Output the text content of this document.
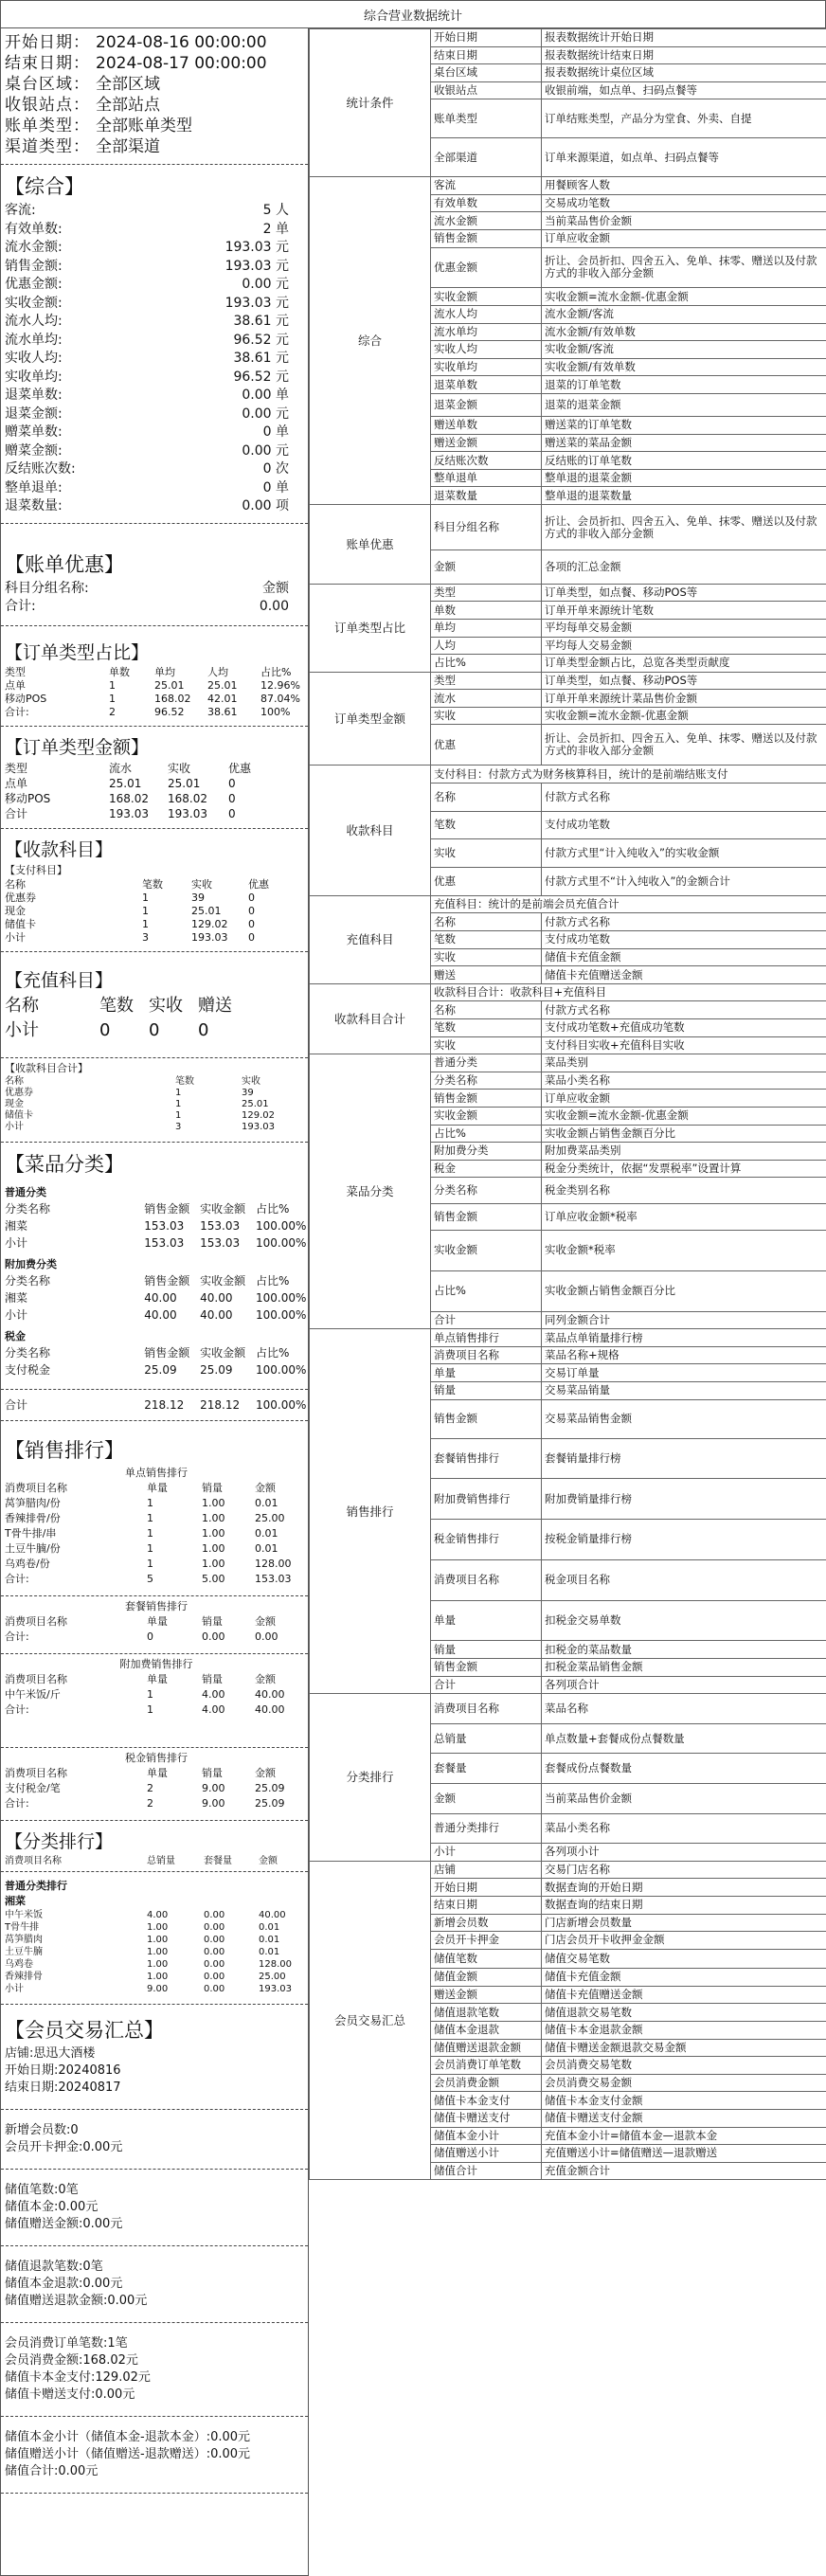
综合营业数据统计
开始日期： 2024-08-16 00:00:00
结束日期： 2024-08-17 00:00:00
桌台区域： 全部区域
收银站点： 全部站点
账单类型： 全部账单类型
渠道类型： 全部渠道
【综合】
客流:	5 人
有效单数:	2 单
流水金额:	193.03 元
销售金额:	193.03 元
优惠金额:	0.00 元
实收金额:	193.03 元
流水人均:	38.61 元
流水单均:	96.52 元
实收人均:	38.61 元
实收单均:	96.52 元
退菜单数:	0.00 单
退菜金额:	0.00 元
赠菜单数:	0 单
赠菜金额:	0.00 元
反结账次数:	0 次
整单退单:	0 单
退菜数量:	0.00 项
【账单优惠】
科目分组名称:	金额
合计:	0.00
【订单类型占比】
类型	单数	单均	人均	占比%
点单	1	25.01	25.01	12.96%
移动POS	1	168.02	42.01	87.04%
合计:	2	96.52	38.61	100%
【订单类型金额】
类型	流水	实收	优惠
点单	25.01	25.01	0
移动POS	168.02	168.02	0
合计	193.03	193.03	0
【收款科目】
【支付科目】
名称	笔数	实收	优惠
优惠券	1	39	0
现金	1	25.01	0
储值卡	1	129.02	0
小计	3	193.03	0
【充值科目】
名称	笔数 实收 赠送
小计	0	0	0
【收款科目合计】
名称	笔数	实收
优惠券	1	39
现金	1	25.01
储值卡	1	129.02
小计	3	193.03
【菜品分类】
普通分类
分类名称	销售金额 实收金额 占比%
湘菜	153.03	153.03	100.00%
小计	153.03	153.03	100.00%
附加费分类
分类名称	销售金额 实收金额 占比%
湘菜	40.00	40.00	100.00%
小计	40.00	40.00	100.00%
税金
分类名称	销售金额 实收金额 占比%
支付税金	25.09	25.09	100.00%
合计	218.12	218.12	100.00%
【销售排行】
单点销售排行
消费项目名称	单量	销量	金额
莴笋腊肉/份	1	1.00	0.01
香辣排骨/份	1	1.00	25.00
T骨牛排/串	1	1.00	0.01
土豆牛腩/份	1	1.00	0.01
乌鸡卷/份	1	1.00	128.00
合计:	5	5.00	153.03
套餐销售排行
消费项目名称	单量	销量	金额
合计:	0	0.00	0.00
附加费销售排行
消费项目名称	单量	销量	金额
中午米饭/斤	1	4.00	40.00
合计:	1	4.00	40.00
税金销售排行
消费项目名称	单量	销量	金额
支付税金/笔	2	9.00	25.09
合计:	2	9.00	25.09
【分类排行】
消费项目名称	总销量	套餐量	金额
普通分类排行
湘菜
中午米饭	4.00	0.00	40.00
T骨牛排	1.00	0.00	0.01
莴笋腊肉	1.00	0.00	0.01
土豆牛腩	1.00	0.00	0.01
乌鸡卷	1.00	0.00	128.00
香辣排骨	1.00	0.00	25.00
小计	9.00	0.00	193.03
【会员交易汇总】
店铺:思迅大酒楼
开始日期:20240816
结束日期:20240817
新增会员数:0
会员开卡押金:0.00元
储值笔数:0笔
储值本金:0.00元
储值赠送金额:0.00元
储值退款笔数:0笔
储值本金退款:0.00元
储值赠送退款金额:0.00元
会员消费订单笔数:1笔
会员消费金额:168.02元
储值卡本金支付:129.02元
储值卡赠送支付:0.00元
储值本金小计（储值本金-退款本金）:0.00元
储值赠送小计（储值赠送-退款赠送）:0.00元
储值合计:0.00元
统计条件	开始日期	报表数据统计开始日期
	结束日期	报表数据统计结束日期
	桌台区域	报表数据统计桌位区域
	收银站点	收银前端，如点单、扫码点餐等
	账单类型	订单结账类型，产品分为堂食、外卖、自提
	全部渠道	订单来源渠道，如点单、扫码点餐等
综合	客流	用餐顾客人数
	有效单数	交易成功笔数
	流水金额	当前菜品售价金额
	销售金额	订单应收金额
	优惠金额	折让、会员折扣、四舍五入、免单、抹零、赠送以及付款方式的非收入部分金额
	实收金额	实收金额=流水金额-优惠金额
	流水人均	流水金额/客流
	流水单均	流水金额/有效单数
	实收人均	实收金额/客流
	实收单均	实收金额/有效单数
	退菜单数	退菜的订单笔数
	退菜金额	退菜的退菜金额
	赠送单数	赠送菜的订单笔数
	赠送金额	赠送菜的菜品金额
	反结账次数	反结账的订单笔数
	整单退单	整单退的退菜金额
	退菜数量	整单退的退菜数量
账单优惠	科目分组名称	折让、会员折扣、四舍五入、免单、抹零、赠送以及付款方式的非收入部分金额
	金额	各项的汇总金额
订单类型占比	类型	订单类型，如点餐、移动POS等
	单数	订单开单来源统计笔数
	单均	平均每单交易金额
	人均	平均每人交易金额
	占比%	订单类型金额占比，总览各类型贡献度
订单类型金额	类型	订单类型，如点餐、移动POS等
	流水	订单开单来源统计菜品售价金额
	实收	实收金额=流水金额-优惠金额
	优惠	折让、会员折扣、四舍五入、免单、抹零、赠送以及付款方式的非收入部分金额
收款科目	支付科目：付款方式为财务核算科目，统计的是前端结账支付	
	名称	付款方式名称
	笔数	支付成功笔数
	实收	付款方式里“计入纯收入”的实收金额
	优惠	付款方式里不“计入纯收入”的金额合计
充值科目	充值科目：统计的是前端会员充值合计	
	名称	付款方式名称
	笔数	支付成功笔数
	实收	储值卡充值金额
	赠送	储值卡充值赠送金额
收款科目合计	收款科目合计：收款科目+充值科目	
	名称	付款方式名称
	笔数	支付成功笔数+充值成功笔数
	实收	支付科目实收+充值科目实收
菜品分类	普通分类	菜品类别
	分类名称	菜品小类名称
	销售金额	订单应收金额
	实收金额	实收金额=流水金额-优惠金额
	占比%	实收金额占销售金额百分比
	附加费分类	附加费菜品类别
	税金	税金分类统计，依据“发票税率”设置计算
	分类名称	税金类别名称
	销售金额	订单应收金额*税率
	实收金额	实收金额*税率
	占比%	实收金额占销售金额百分比
	合计	同列金额合计
销售排行	单点销售排行	菜品点单销量排行榜
	消费项目名称	菜品名称+规格
	单量	交易订单量
	销量	交易菜品销量
	销售金额	交易菜品销售金额
	套餐销售排行	套餐销量排行榜
	附加费销售排行	附加费销量排行榜
	税金销售排行	按税金销量排行榜
	消费项目名称	税金项目名称
	单量	扣税金交易单数
	销量	扣税金的菜品数量
	销售金额	扣税金菜品销售金额
	合计	各列项合计
分类排行	消费项目名称	菜品名称
	总销量	单点数量+套餐成份点餐数量
	套餐量	套餐成份点餐数量
	金额	当前菜品售价金额
	普通分类排行	菜品小类名称
	小计	各列项小计
会员交易汇总	店铺	交易门店名称
	开始日期	数据查询的开始日期
	结束日期	数据查询的结束日期
	新增会员数	门店新增会员数量
	会员开卡押金	门店会员开卡收押金金额
	储值笔数	储值交易笔数
	储值金额	储值卡充值金额
	赠送金额	储值卡充值赠送金额
	储值退款笔数	储值退款交易笔数
	储值本金退款	储值卡本金退款金额
	储值赠送退款金额	储值卡赠送金额退款交易金额
	会员消费订单笔数	会员消费交易笔数
	会员消费金额	会员消费交易金额
	储值卡本金支付	储值卡本金支付金额
	储值卡赠送支付	储值卡赠送支付金额
	储值本金小计	充值本金小计=储值本金—退款本金
	储值赠送小计	充值赠送小计=储值赠送—退款赠送
	储值合计	充值金额合计
